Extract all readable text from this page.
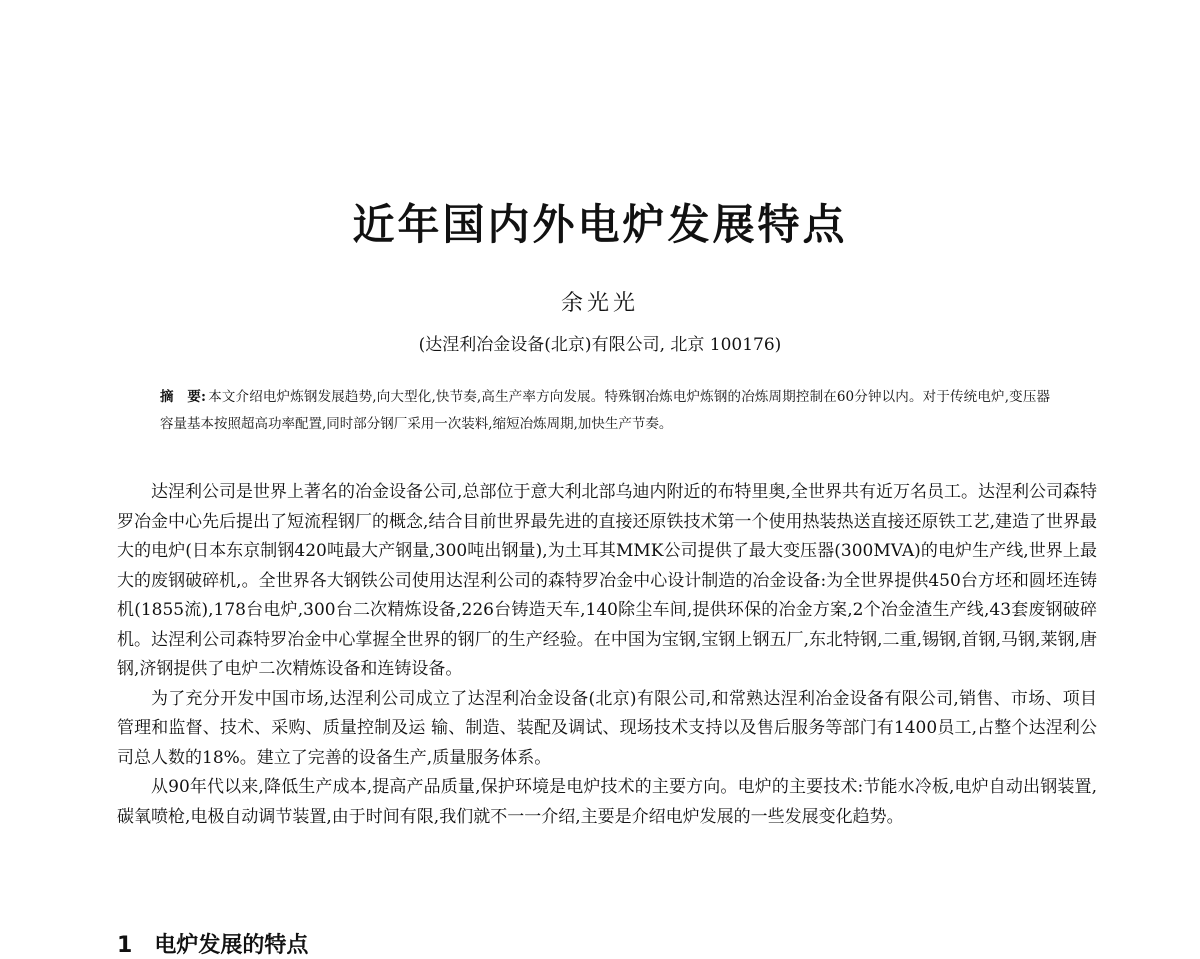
近年国内外电炉发展特点
余光光
(达涅利冶金设备(北京)有限公司, 北京 100176)
摘　要: 本文介绍电炉炼钢发展趋势,向大型化,快节奏,高生产率方向发展。特殊钢冶炼电炉炼钢的冶炼周期控制在60分钟以内。对于传统电炉,变压器容量基本按照超高功率配置,同时部分钢厂采用一次装料,缩短冶炼周期,加快生产节奏。

达涅利公司是世界上著名的冶金设备公司,总部位于意大利北部乌迪内附近的布特里奥,全世界共有近万名员工。达涅利公司森特罗冶金中心先后提出了短流程钢厂的概念,结合目前世界最先进的直接还原铁技术第一个使用热装热送直接还原铁工艺,建造了世界最大的电炉(日本东京制钢420吨最大产钢量,300吨出钢量),为土耳其MMK公司提供了最大变压器(300MVA)的电炉生产线,世界上最大的废钢破碎机,。全世界各大钢铁公司使用达涅利公司的森特罗冶金中心设计制造的冶金设备:为全世界提供450台方坯和圆坯连铸机(1855流),178台电炉,300台二次精炼设备,226台铸造天车,140除尘车间,提供环保的冶金方案,2个冶金渣生产线,43套废钢破碎机。达涅利公司森特罗冶金中心掌握全世界的钢厂的生产经验。在中国为宝钢,宝钢上钢五厂,东北特钢,二重,锡钢,首钢,马钢,莱钢,唐钢,济钢提供了电炉二次精炼设备和连铸设备。

为了充分开发中国市场,达涅利公司成立了达涅利冶金设备(北京)有限公司,和常熟达涅利冶金设备有限公司,销售、市场、项目管理和监督、技术、采购、质量控制及运 输、制造、装配及调试、现场技术支持以及售后服务等部门有1400员工,占整个达涅利公司总人数的18%。建立了完善的设备生产,质量服务体系。

从90年代以来,降低生产成本,提高产品质量,保护环境是电炉技术的主要方向。电炉的主要技术:节能水冷板,电炉自动出钢装置,碳氧喷枪,电极自动调节装置,由于时间有限,我们就不一一介绍,主要是介绍电炉发展的一些发展变化趋势。

1 电炉发展的特点
